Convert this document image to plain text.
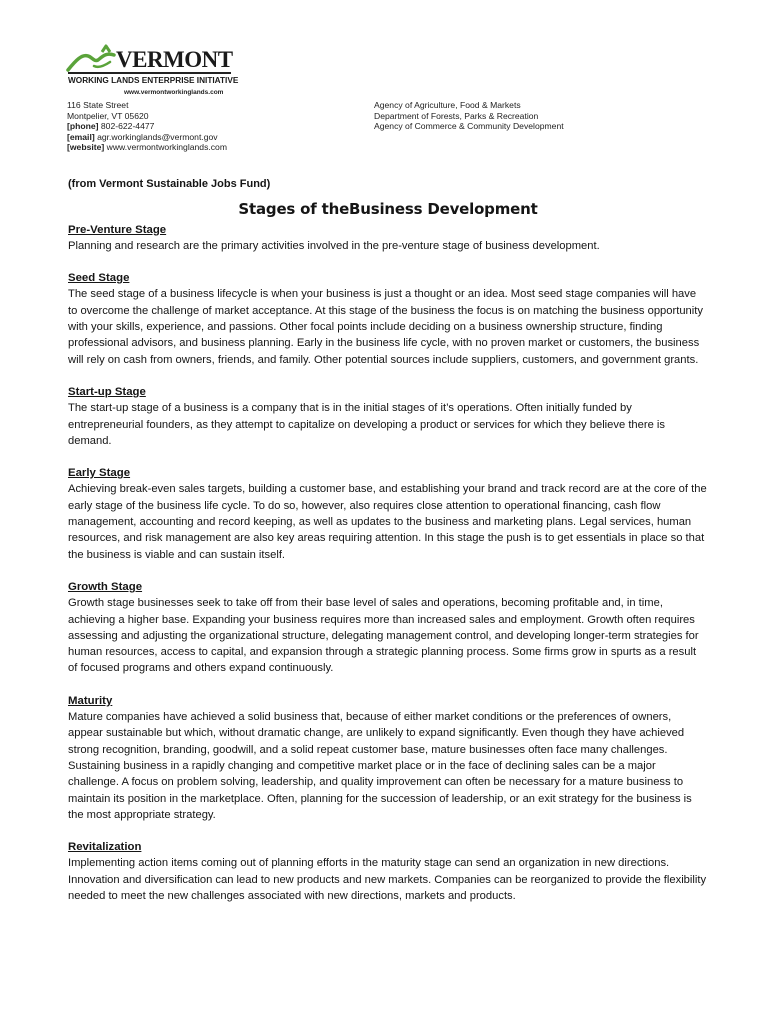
VERMONT
WORKING LANDS ENTERPRISE INITIATIVE
www.vermontworkinglands.com
116 State Street
Montpelier, VT 05620
[phone] 802-622-4477
[email] agr.workinglands@vermont.gov
[website] www.vermontworkinglands.com
Agency of Agriculture, Food & Markets
Department of Forests, Parks & Recreation
Agency of Commerce & Community Development

(from Vermont Sustainable Jobs Fund)

Stages of theBusiness Development

Pre-Venture Stage

Planning and research are the primary activities involved in the pre-venture stage of business development.

Seed Stage

The seed stage of a business lifecycle is when your business is just a thought or an idea. Most seed stage companies will have to overcome the challenge of market acceptance. At this stage of the business the focus is on matching the business opportunity with your skills, experience, and passions. Other focal points include deciding on a business ownership structure, finding professional advisors, and business planning. Early in the business life cycle, with no proven market or customers, the business will rely on cash from owners, friends, and family. Other potential sources include suppliers, customers, and government grants.

Start-up Stage

The start-up stage of a business is a company that is in the initial stages of it’s operations. Often initially funded by entrepreneurial founders, as they attempt to capitalize on developing a product or services for which they believe there is demand.

Early Stage

Achieving break-even sales targets, building a customer base, and establishing your brand and track record are at the core of the early stage of the business life cycle. To do so, however, also requires close attention to operational financing, cash flow management, accounting and record keeping, as well as updates to the business and marketing plans. Legal services, human resources, and risk management are also key areas requiring attention. In this stage the push is to get essentials in place so that the business is viable and can sustain itself.

Growth Stage

Growth stage businesses seek to take off from their base level of sales and operations, becoming profitable and, in time, achieving a higher base. Expanding your business requires more than increased sales and employment. Growth often requires assessing and adjusting the organizational structure, delegating management control, and developing longer-term strategies for human resources, access to capital, and expansion through a strategic planning process. Some firms grow in spurts as a result of focused programs and others expand continuously.

Maturity

Mature companies have achieved a solid business that, because of either market conditions or the preferences of owners, appear sustainable but which, without dramatic change, are unlikely to expand significantly. Even though they have achieved strong recognition, branding, goodwill, and a solid repeat customer base, mature businesses often face many challenges. Sustaining business in a rapidly changing and competitive market place or in the face of declining sales can be a major challenge. A focus on problem solving, leadership, and quality improvement can often be necessary for a mature business to maintain its position in the marketplace. Often, planning for the succession of leadership, or an exit strategy for the business is the most appropriate strategy.

Revitalization

Implementing action items coming out of planning efforts in the maturity stage can send an organization in new directions. Innovation and diversification can lead to new products and new markets. Companies can be reorganized to provide the flexibility needed to meet the new challenges associated with new directions, markets and products.
